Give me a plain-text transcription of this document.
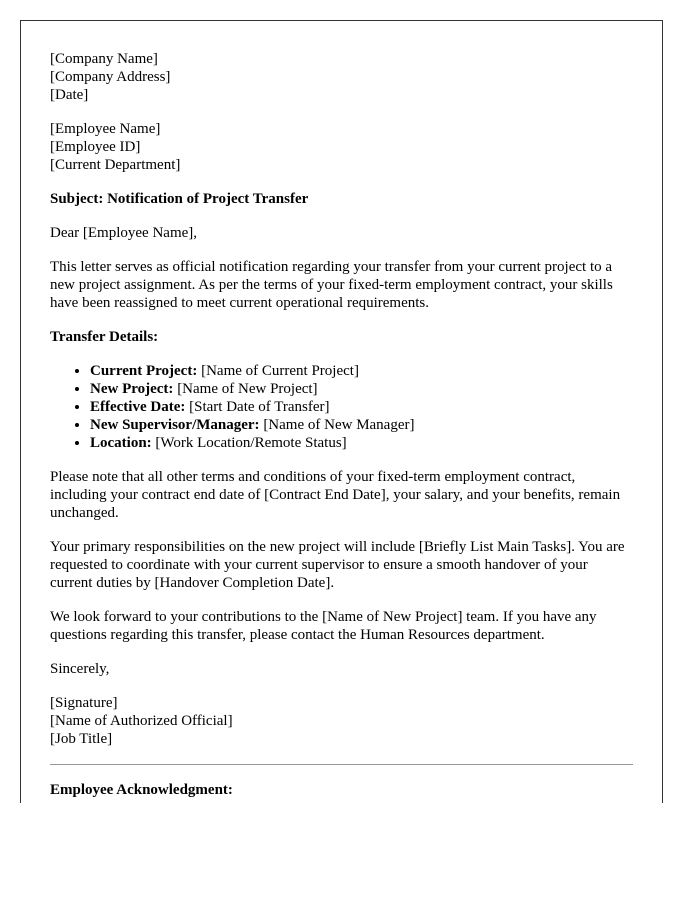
[Company Name]
[Company Address]
[Date]

[Employee Name]
[Employee ID]
[Current Department]

Subject: Notification of Project Transfer

Dear [Employee Name],

This letter serves as official notification regarding your transfer from your current project to a new project assignment. As per the terms of your fixed-term employment contract, your skills have been reassigned to meet current operational requirements.

Transfer Details:

• Current Project: [Name of Current Project]
• New Project: [Name of New Project]
• Effective Date: [Start Date of Transfer]
• New Supervisor/Manager: [Name of New Manager]
• Location: [Work Location/Remote Status]

Please note that all other terms and conditions of your fixed-term employment contract, including your contract end date of [Contract End Date], your salary, and your benefits, remain unchanged.

Your primary responsibilities on the new project will include [Briefly List Main Tasks]. You are requested to coordinate with your current supervisor to ensure a smooth handover of your current duties by [Handover Completion Date].

We look forward to your contributions to the [Name of New Project] team. If you have any questions regarding this transfer, please contact the Human Resources department.

Sincerely,

[Signature]
[Name of Authorized Official]
[Job Title]

Employee Acknowledgment:
